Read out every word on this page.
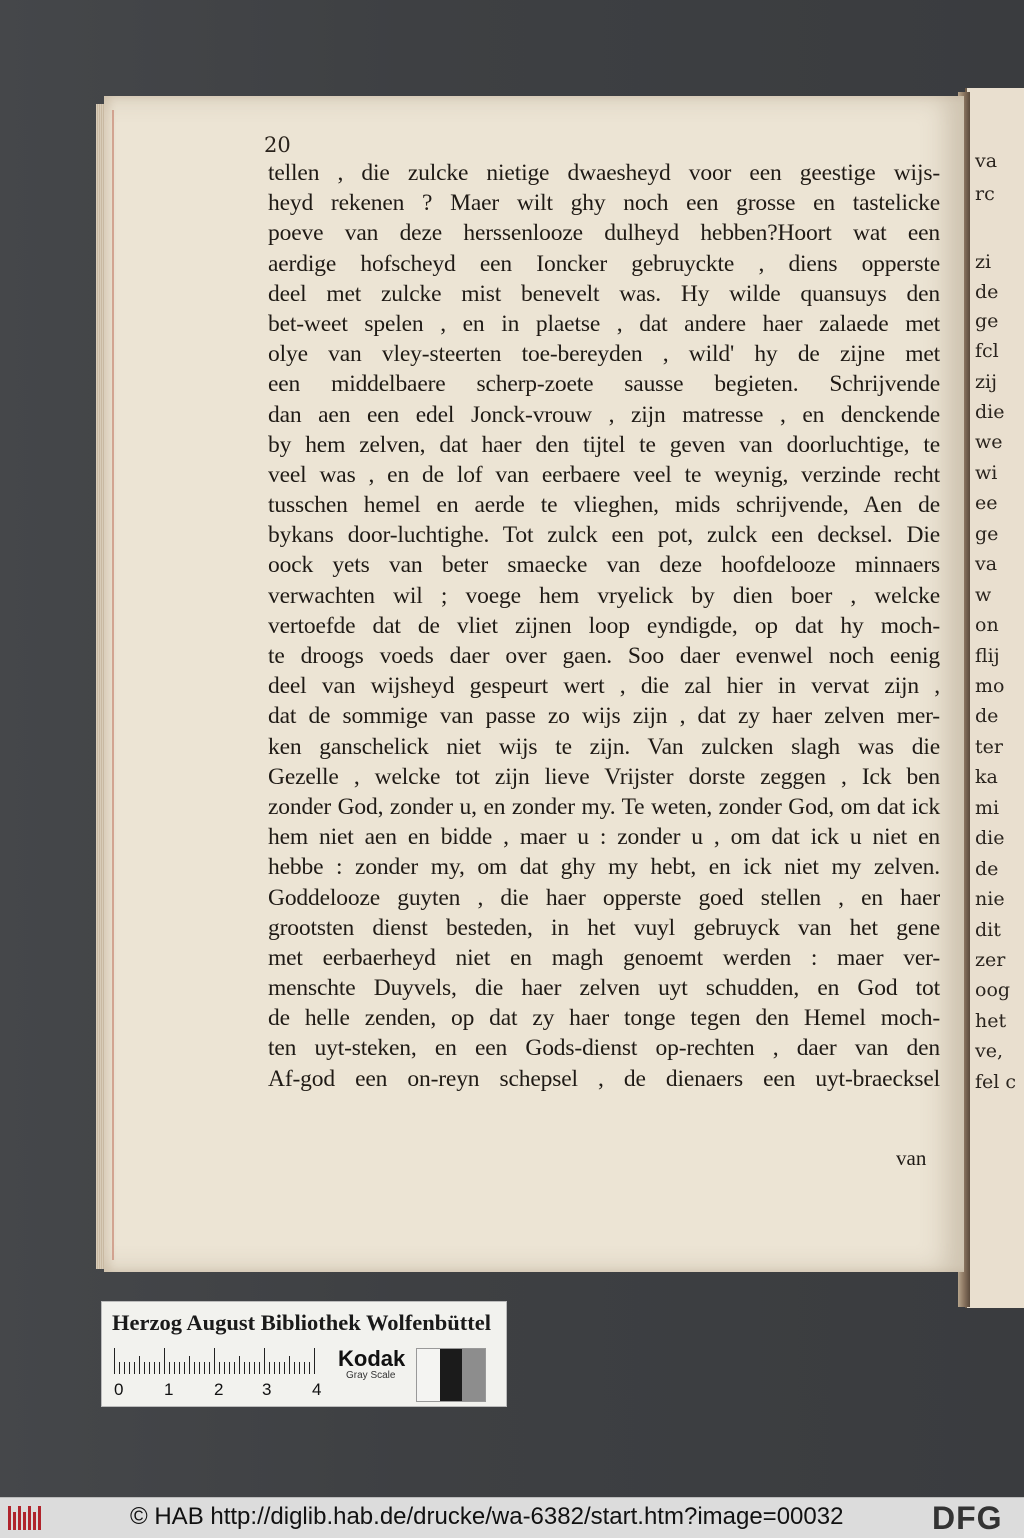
va
rc
zi
de
ge
fcl
zij
die
we
wi
ee
ge
va
w
on
flij
mo
de
ter
ka
mi
die
de
nie
dit
zer
oog
het
ve,
fel c
20
tellen , die zulcke nietige dwaesheyd voor een geestige wijs-
heyd rekenen ? Maer wilt ghy noch een grosse en tastelicke
poeve van deze herssenlooze dulheyd hebben?Hoort wat een
aerdige hofscheyd een Ioncker gebruyckte , diens opperste
deel met zulcke mist benevelt was. Hy wilde quansuys den
bet-weet spelen , en in plaetse , dat andere haer zalaede met
olye van vley-steerten toe-bereyden , wild' hy de zijne met
een middelbaere scherp-zoete sausse begieten. Schrijvende
dan aen een edel Jonck-vrouw , zijn matresse , en denckende
by hem zelven, dat haer den tijtel te geven van doorluchtige, te
veel was , en de lof van eerbaere veel te weynig, verzinde recht
tusschen hemel en aerde te vlieghen, mids schrijvende, Aen de
bykans door-luchtighe. Tot zulck een pot, zulck een decksel. Die
oock yets van beter smaecke van deze hoofdelooze minnaers
verwachten wil ; voege hem vryelick by dien boer , welcke
vertoefde dat de vliet zijnen loop eyndigde, op dat hy moch-
te droogs voeds daer over gaen. Soo daer evenwel noch eenig
deel van wijsheyd gespeurt wert , die zal hier in vervat zijn ,
dat de sommige van passe zo wijs zijn , dat zy haer zelven mer-
ken ganschelick niet wijs te zijn. Van zulcken slagh was die
Gezelle , welcke tot zijn lieve Vrijster dorste zeggen , Ick ben
zonder God, zonder u, en zonder my. Te weten, zonder God, om dat ick
hem niet aen en bidde , maer u : zonder u , om dat ick u niet en
hebbe : zonder my, om dat ghy my hebt, en ick niet my zelven.
Goddelooze guyten , die haer opperste goed stellen , en haer
grootsten dienst besteden, in het vuyl gebruyck van het gene
met eerbaerheyd niet en magh genoemt werden : maer ver-
menschte Duyvels, die haer zelven uyt schudden, en God tot
de helle zenden, op dat zy haer tonge tegen den Hemel moch-
ten uyt-steken, en een Gods-dienst op-rechten , daer van den
Af-god een on-reyn schepsel , de dienaers een uyt-braecksel
van
Herzog August Bibliothek Wolfenbüttel
0 1 2 3 4
Kodak
Gray Scale
© HAB http://diglib.hab.de/drucke/wa-6382/start.htm?image=00032	DFG
